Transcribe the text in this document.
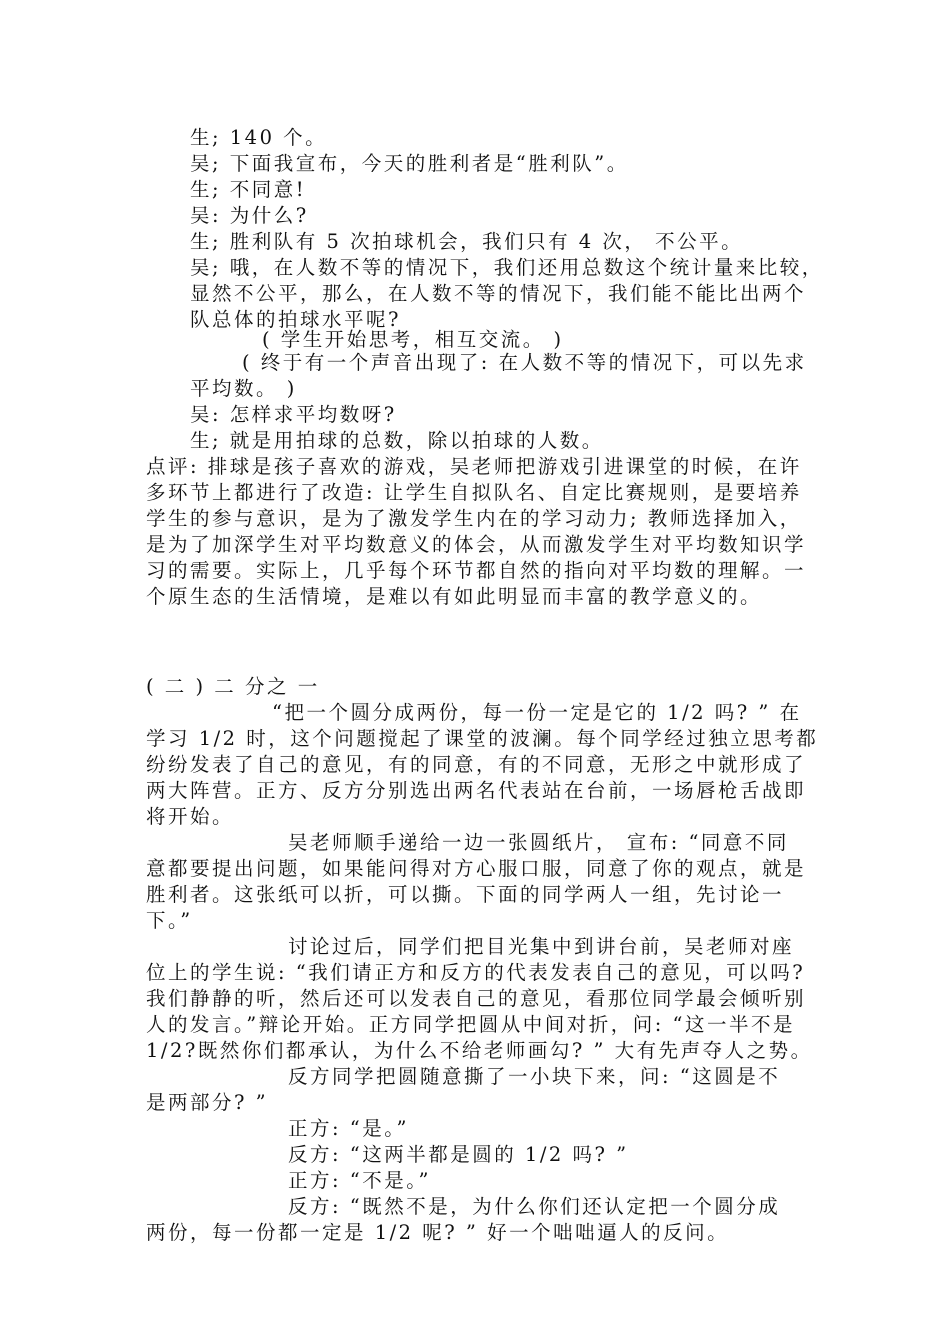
生; 140 个。
吴; 下面我宣布，今天的胜利者是“胜利队”。
生; 不同意!
吴: 为什么?
生; 胜利队有 5 次拍球机会，我们只有 4 次， 不公平。
吴; 哦，在人数不等的情况下，我们还用总数这个统计量来比较，
显然不公平，那么，在人数不等的情况下，我们能不能比出两个
队总体的拍球水平呢?
( 学生开始思考，相互交流。 )
( 终于有一个声音出现了: 在人数不等的情况下，可以先求
平均数。 )
吴: 怎样求平均数呀?
生; 就是用拍球的总数，除以拍球的人数。
点评: 排球是孩子喜欢的游戏，吴老师把游戏引进课堂的时候，在许
多环节上都进行了改造: 让学生自拟队名、自定比赛规则，是要培养
学生的参与意识，是为了激发学生内在的学习动力; 教师选择加入，
是为了加深学生对平均数意义的体会，从而激发学生对平均数知识学
习的需要。实际上，几乎每个环节都自然的指向对平均数的理解。一
个原生态的生活情境，是难以有如此明显而丰富的教学意义的。
( 二 ) 二 分之 一
“把一个圆分成两份，每一份一定是它的 1/2 吗? ” 在
学习 1/2 时，这个问题搅起了课堂的波澜。每个同学经过独立思考都
纷纷发表了自己的意见，有的同意，有的不同意，无形之中就形成了
两大阵营。正方、反方分别选出两名代表站在台前，一场唇枪舌战即
将开始。
吴老师顺手递给一边一张圆纸片， 宣布: “同意不同
意都要提出问题，如果能问得对方心服口服，同意了你的观点，就是
胜利者。这张纸可以折，可以撕。下面的同学两人一组，先讨论一
下。”
讨论过后，同学们把目光集中到讲台前，吴老师对座
位上的学生说: “我们请正方和反方的代表发表自己的意见，可以吗?
我们静静的听，然后还可以发表自己的意见，看那位同学最会倾听别
人的发言。”辩论开始。正方同学把圆从中间对折，问: “这一半不是
1/2?既然你们都承认，为什么不给老师画勾? ” 大有先声夺人之势。
反方同学把圆随意撕了一小块下来，问: “这圆是不
是两部分? ”
正方: “是。”
反方: “这两半都是圆的 1/2 吗? ”
正方: “不是。”
反方: “既然不是，为什么你们还认定把一个圆分成
两份，每一份都一定是 1/2 呢? ” 好一个咄咄逼人的反问。
